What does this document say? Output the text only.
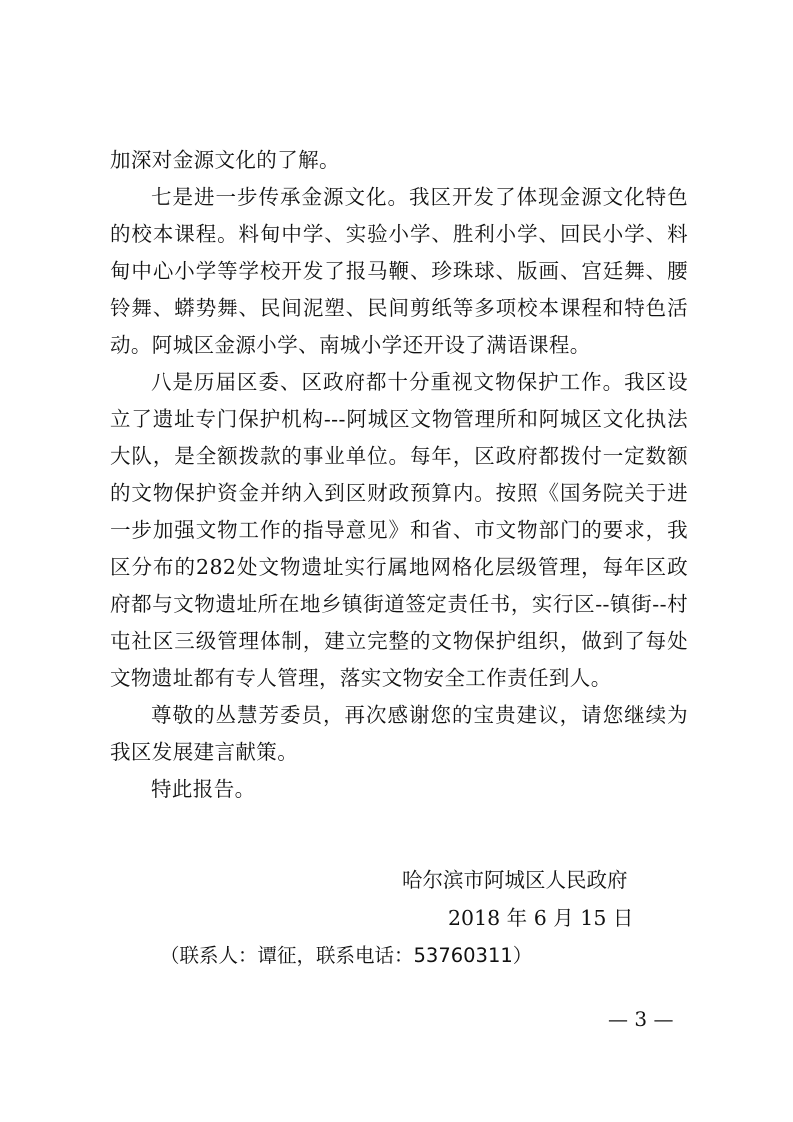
加深对金源文化的了解。

七是进一步传承金源文化。我区开发了体现金源文化特色的校本课程。料甸中学、实验小学、胜利小学、回民小学、料甸中心小学等学校开发了报马鞭、珍珠球、版画、宫廷舞、腰铃舞、蟒势舞、民间泥塑、民间剪纸等多项校本课程和特色活动。阿城区金源小学、南城小学还开设了满语课程。

八是历届区委、区政府都十分重视文物保护工作。我区设立了遗址专门保护机构---阿城区文物管理所和阿城区文化执法大队，是全额拨款的事业单位。每年，区政府都拨付一定数额的文物保护资金并纳入到区财政预算内。按照《国务院关于进一步加强文物工作的指导意见》和省、市文物部门的要求，我区分布的282处文物遗址实行属地网格化层级管理，每年区政府都与文物遗址所在地乡镇街道签定责任书，实行区--镇街--村屯社区三级管理体制，建立完整的文物保护组织，做到了每处文物遗址都有专人管理，落实文物安全工作责任到人。

尊敬的丛慧芳委员，再次感谢您的宝贵建议，请您继续为我区发展建言献策。

特此报告。

哈尔滨市阿城区人民政府
2018 年 6 月 15 日
（联系人：谭征，联系电话：53760311）
— 3 —
